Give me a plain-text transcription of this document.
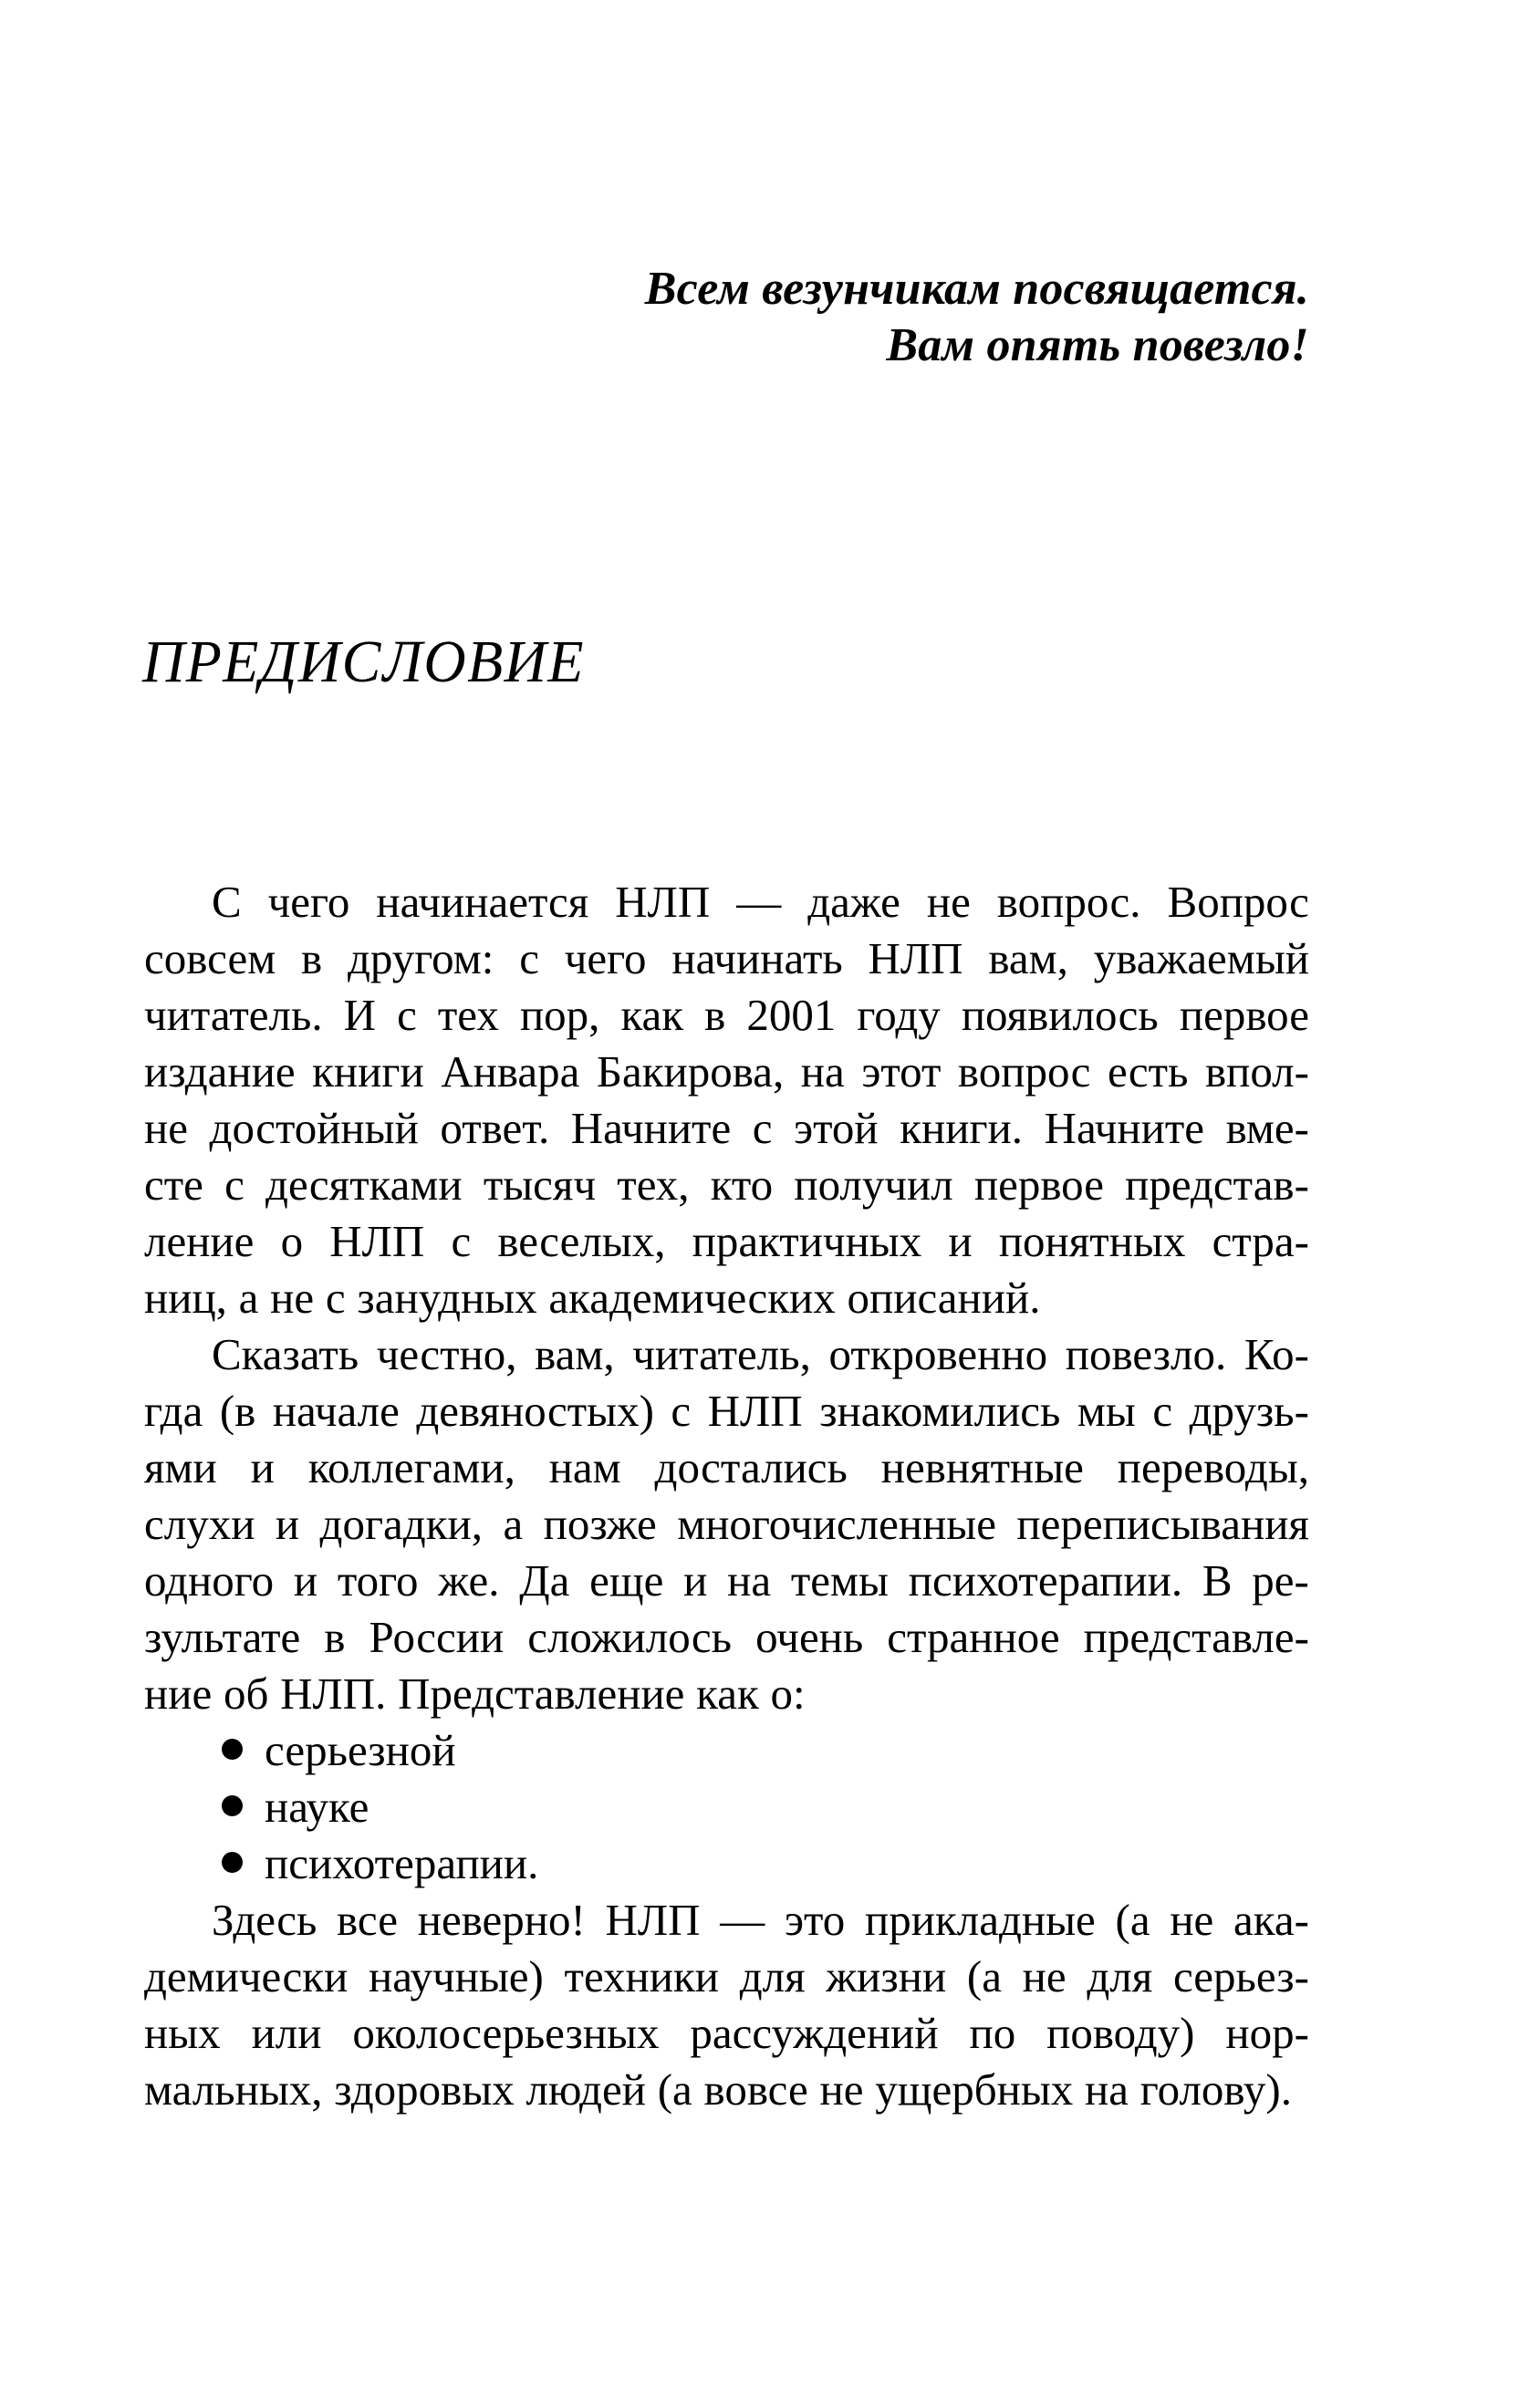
Всем везунчикам посвящается.
Вам опять повезло!
ПРЕДИСЛОВИЕ
С чего начинается НЛП — даже не вопрос. Вопрос
совсем в другом: с чего начинать НЛП вам, уважаемый
читатель. И с тех пор, как в 2001 году появилось первое
издание книги Анвара Бакирова, на этот вопрос есть впол-
не достойный ответ. Начните с этой книги. Начните вме-
сте с десятками тысяч тех, кто получил первое представ-
ление о НЛП с веселых, практичных и понятных стра-
ниц, а не с занудных академических описаний.
Сказать честно, вам, читатель, откровенно повезло. Ко-
гда (в начале девяностых) с НЛП знакомились мы с друзь-
ями и коллегами, нам достались невнятные переводы,
слухи и догадки, а позже многочисленные переписывания
одного и того же. Да еще и на темы психотерапии. В ре-
зультате в России сложилось очень странное представле-
ние об НЛП. Представление как о:
серьезной
науке
психотерапии.
Здесь все неверно! НЛП — это прикладные (а не ака-
демически научные) техники для жизни (а не для серьез-
ных или околосерьезных рассуждений по поводу) нор-
мальных, здоровых людей (а вовсе не ущербных на голову).
